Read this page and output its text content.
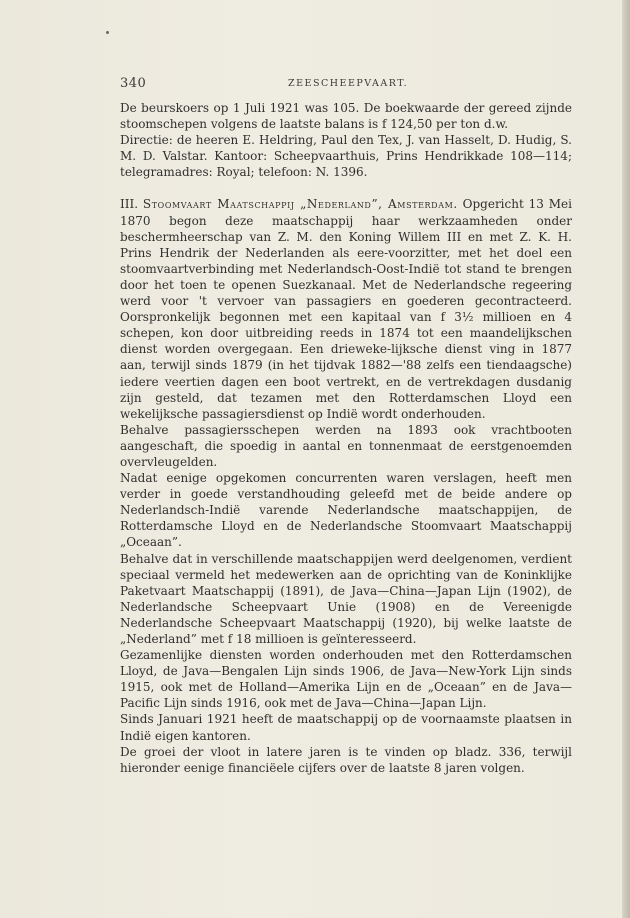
340	ZEESCHEEPVAART.

De beurskoers op 1 Juli 1921 was 105. De boekwaarde der gereed zijnde stoomschepen volgens de laatste balans is f 124,50 per ton d.w.

Directie: de heeren E. Heldring, Paul den Tex, J. van Hasselt, D. Hudig, S. M. D. Valstar. Kantoor: Scheepvaarthuis, Prins Hendrikkade 108—114; telegramadres: Royal; telefoon: N. 1396.

III. Stoomvaart Maatschappij „Nederland”, Amsterdam. Opgericht 13 Mei 1870 begon deze maatschappij haar werkzaamheden onder beschermheerschap van Z. M. den Koning Willem III en met Z. K. H. Prins Hendrik der Nederlanden als eere-voorzitter, met het doel een stoomvaartverbinding met Nederlandsch-Oost-Indië tot stand te brengen door het toen te openen Suezkanaal. Met de Nederlandsche regeering werd voor 't vervoer van passagiers en goederen gecontracteerd. Oorspronkelijk begonnen met een kapitaal van f 3½ millioen en 4 schepen, kon door uitbreiding reeds in 1874 tot een maandelijkschen dienst worden overgegaan. Een drieweke-lijksche dienst ving in 1877 aan, terwijl sinds 1879 (in het tijdvak 1882—'88 zelfs een tiendaagsche) iedere veertien dagen een boot vertrekt, en de vertrekdagen dusdanig zijn gesteld, dat tezamen met den Rotterdamschen Lloyd een wekelijksche passagiersdienst op Indië wordt onderhouden.

Behalve passagiersschepen werden na 1893 ook vrachtbooten aangeschaft, die spoedig in aantal en tonnenmaat de eerstgenoemden overvleugelden.

Nadat eenige opgekomen concurrenten waren verslagen, heeft men verder in goede verstandhouding geleefd met de beide andere op Nederlandsch-Indië varende Nederlandsche maatschappijen, de Rotterdamsche Lloyd en de Nederlandsche Stoomvaart Maatschappij „Oceaan”.

Behalve dat in verschillende maatschappijen werd deelgenomen, verdient speciaal vermeld het medewerken aan de oprichting van de Koninklijke Paketvaart Maatschappij (1891), de Java—China—Japan Lijn (1902), de Nederlandsche Scheepvaart Unie (1908) en de Vereenigde Nederlandsche Scheepvaart Maatschappij (1920), bij welke laatste de „Nederland” met f 18 millioen is geïnteresseerd.

Gezamenlijke diensten worden onderhouden met den Rotterdamschen Lloyd, de Java—Bengalen Lijn sinds 1906, de Java—New-York Lijn sinds 1915, ook met de Holland—Amerika Lijn en de „Oceaan” en de Java—Pacific Lijn sinds 1916, ook met de Java—China—Japan Lijn.

Sinds Januari 1921 heeft de maatschappij op de voornaamste plaatsen in Indië eigen kantoren.

De groei der vloot in latere jaren is te vinden op bladz. 336, terwijl hieronder eenige financiëele cijfers over de laatste 8 jaren volgen.
